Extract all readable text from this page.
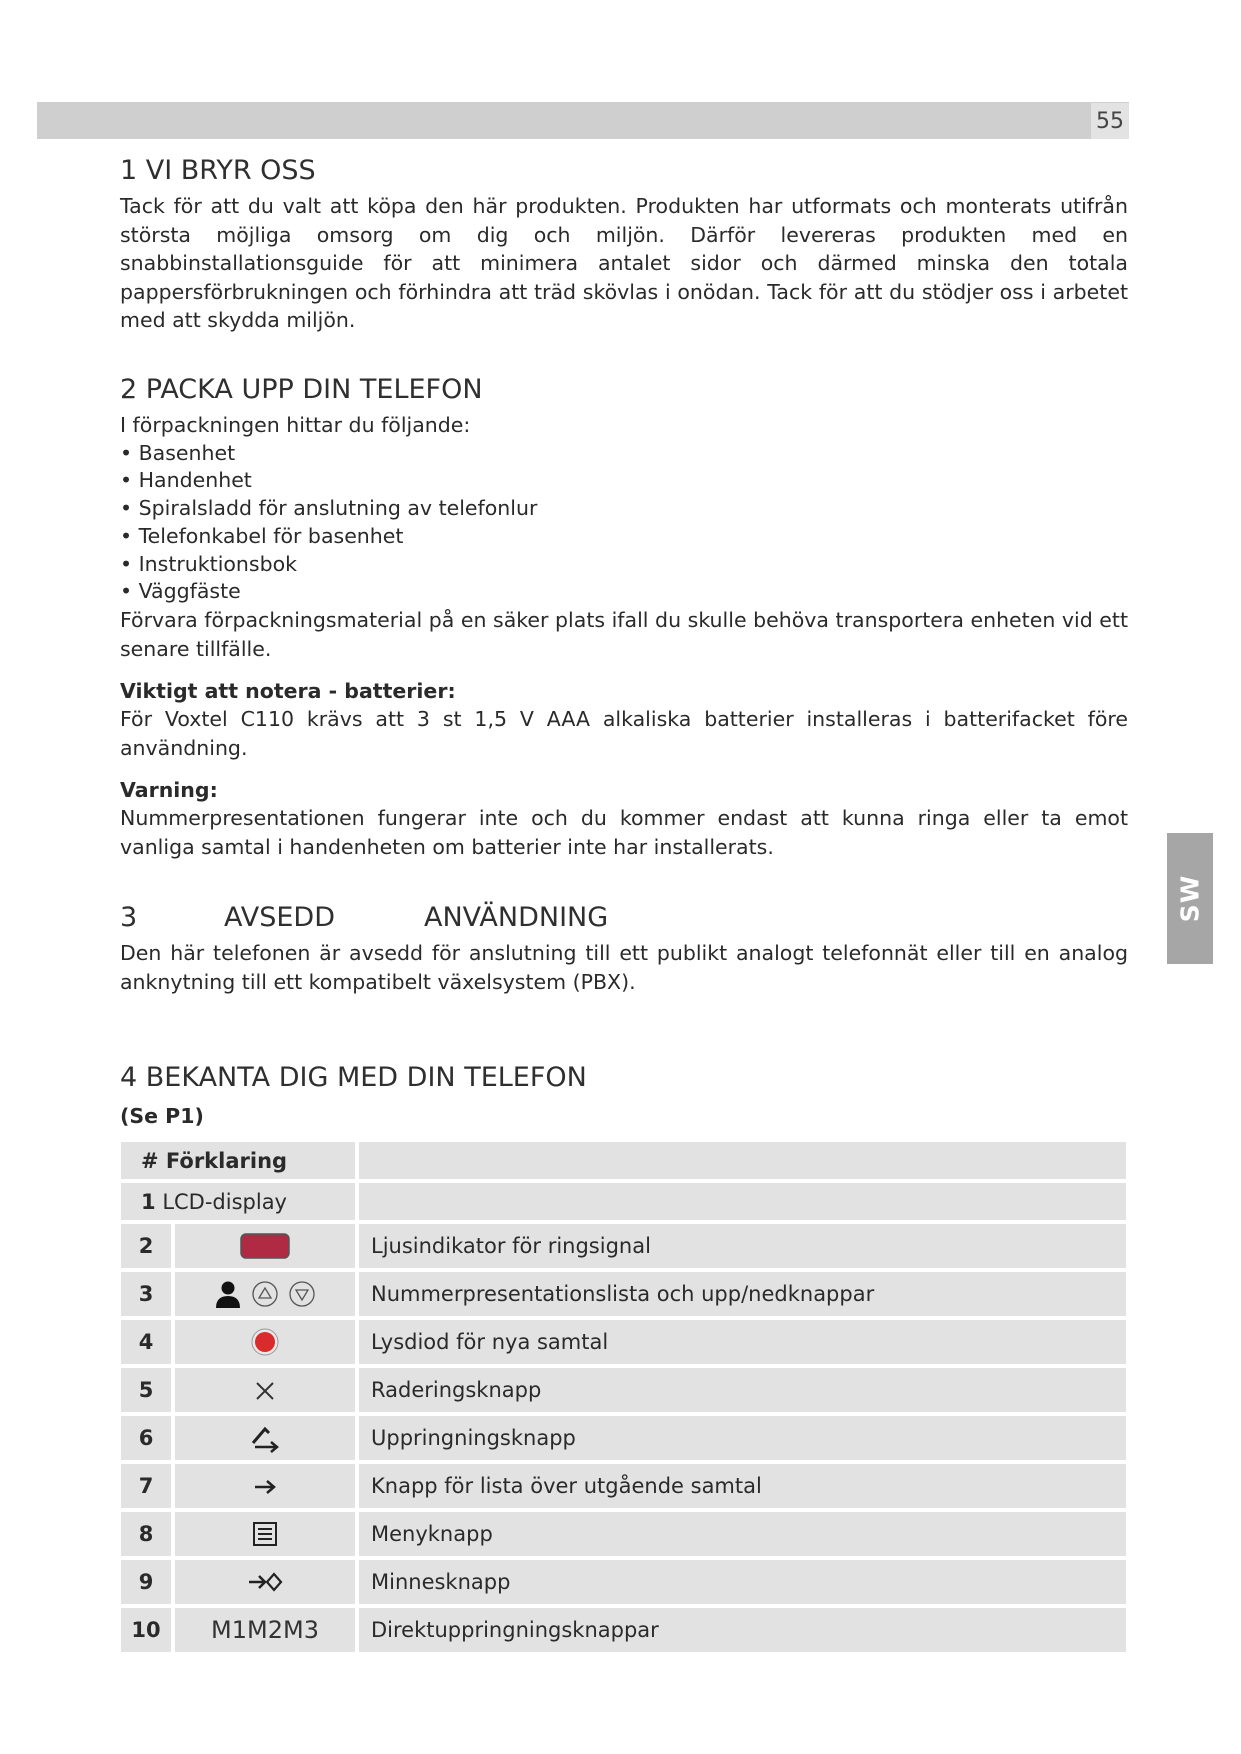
55
SW
1 VI BRYR OSS

Tack för att du valt att köpa den här produkten. Produkten har utformats och monterats utifrån största möjliga omsorg om dig och miljön. Därför levereras produkten med en snabbinstallationsguide för att minimera antalet sidor och därmed minska den totala pappersförbrukningen och förhindra att träd skövlas i onödan. Tack för att du stödjer oss i arbetet med att skydda miljön.

2 PACKA UPP DIN TELEFON

I förpackningen hittar du följande:

• Basenhet
• Handenhet
• Spiralsladd för anslutning av telefonlur
• Telefonkabel för basenhet
• Instruktionsbok
• Väggfäste

Förvara förpackningsmaterial på en säker plats ifall du skulle behöva transportera enheten vid ett senare tillfälle.

Viktigt att notera - batterier:

För Voxtel C110 krävs att 3 st 1,5 V AAA alkaliska batterier installeras i batterifacket före användning.

Varning:

Nummerpresentationen fungerar inte och du kommer endast att kunna ringa eller ta emot vanliga samtal i handenheten om batterier inte har installerats.

3	AVSEDD	ANVÄNDNING

Den här telefonen är avsedd för anslutning till ett publikt analogt telefonnät eller till en analog anknytning till ett kompatibelt växelsystem (PBX).

4 BEKANTA DIG MED DIN TELEFON
(Se P1)
# Förklaring		
1 LCD-display		
2		Ljusindikator för ringsignal
3		Nummerpresentationslista och upp/nedknappar
4		Lysdiod för nya samtal
5		Raderingsknapp
6		Uppringningsknapp
7		Knapp för lista över utgående samtal
8		Menyknapp
9		Minnesknapp
10	M1M2M3	Direktuppringningsknappar
